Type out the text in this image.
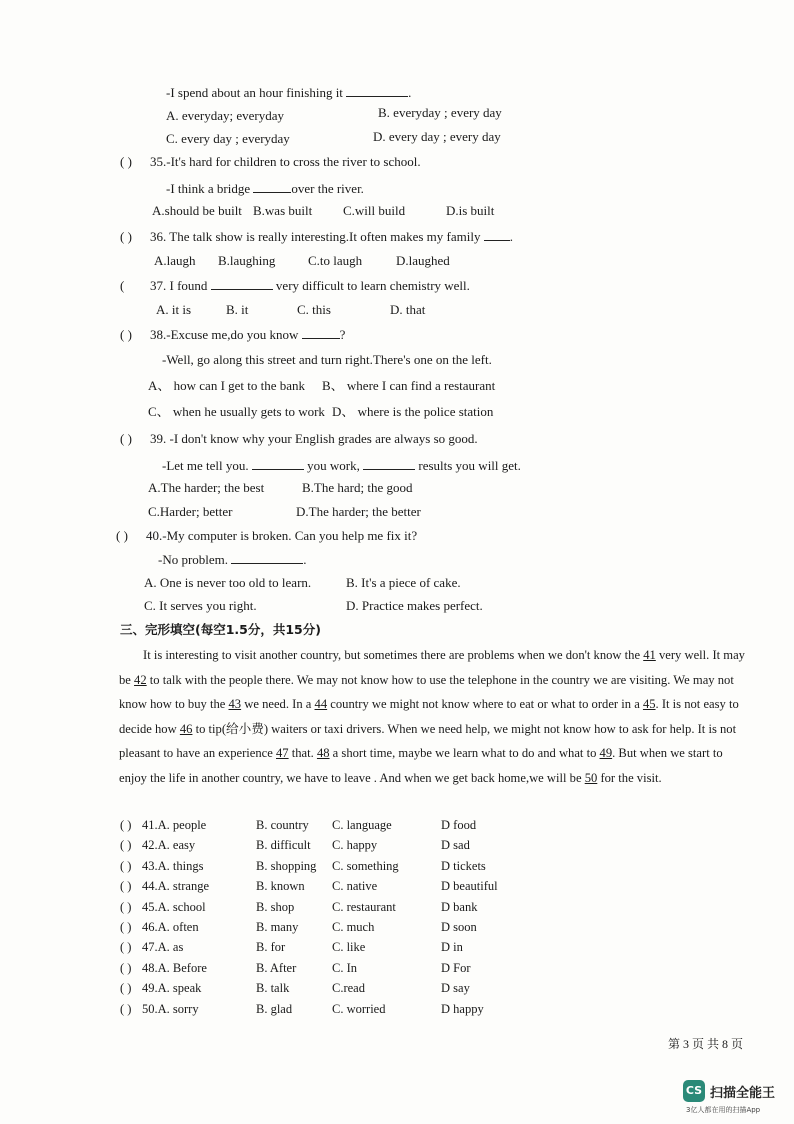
-I spend about an hour finishing it	.
A. everyday; everyday	B. everyday ; every day
C. every day ; everyday	D. every day ; every day
( ) 35.-It's hard for children to cross the river to school.
-I think a bridge	over the river.
A.should be built B.was built C.will build	D.is built
( ) 36. The talk show is really interesting.It often makes my family .
A.laugh B.laughing	C.to laugh	D.laughed
( 37. I found	very difficult to learn chemistry well.
A. it is	B. it	C. this	D. that
( ) 38.-Excuse me,do you know	?
-Well, go along this street and turn right.There's one on the left.
A、 how can I get to the bank B、 where I can find a restaurant
C、 when he usually gets to work D、 where is the police station
( ) 39. -I don't know why your English grades are always so good.
-Let me tell you.	you work,	results you will get.
A.The harder; the best	B.The hard; the good
C.Harder; better	D.The harder; the better
( ) 40.-My computer is broken. Can you help me fix it?
-No problem.	.
A. One is never too old to learn.	B. It's a piece of cake.
C. It serves you right.	D. Practice makes perfect.
三、完形填空(每空1.5分，共15分)

It is interesting to visit another country, but sometimes there are problems when we don't know the 41 very well. It may be 42 to talk with the people there. We may not know how to use the telephone in the country we are visiting. We may not know how to buy the 43 we need. In a 44 country we might not know where to eat or what to order in a 45. It is not easy to decide how 46 to tip(给小费) waiters or taxi drivers. When we need help, we might not know how to ask for help. It is not pleasant to have an experience 47 that. 48 a short time, maybe we learn what to do and what to 49. But when we start to enjoy the life in another country, we have to leave . And when we get back home,we will be 50 for the visit.

( ) 41.A. people	B. country C. language	D food
( ) 42.A. easy	B. difficult C. happy	D sad
( ) 43.A. things	B. shopping C. something	D tickets
( ) 44.A. strange	B. known C. native	D beautiful
( ) 45.A. school	B. shop	C. restaurant	D bank
( ) 46.A. often	B. many	C. much	D soon
( ) 47.A. as	B. for	C. like	D in
( ) 48.A. Before	B. After	C. In	D For
( ) 49.A. speak	B. talk	C.read	D say
( ) 50.A. sorry	B. glad	C. worried	D happy
第 3 页 共 8 页
CS 扫描全能王
3亿人都在用的扫描App
